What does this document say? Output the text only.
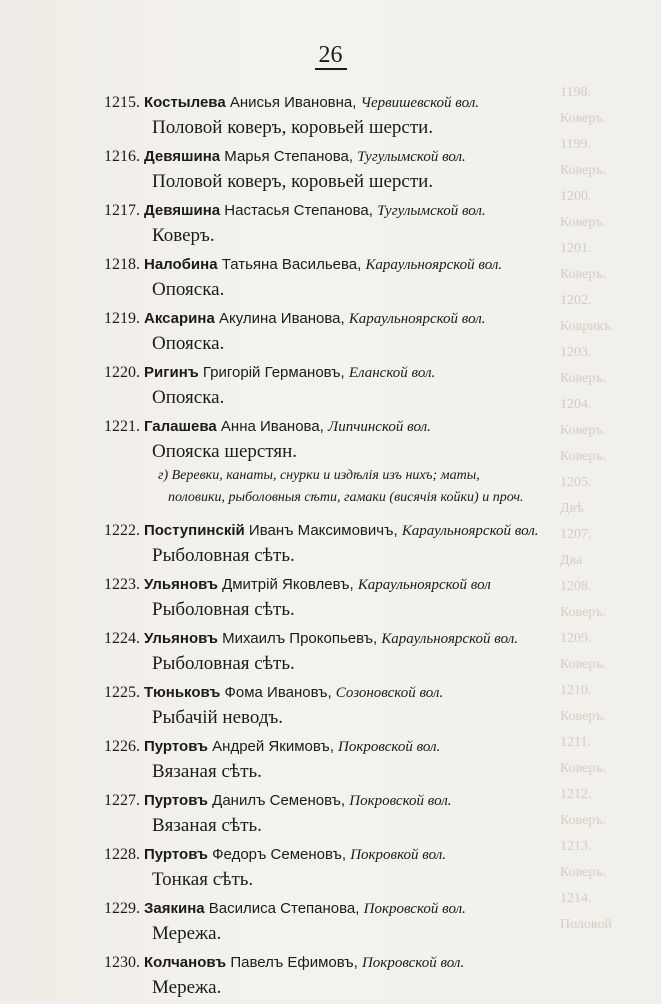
1198.
Коверъ.
1199.
Коверъ.
1200.
Коверъ.
1201.
Коверъ.
1202.
Коврикъ.
1203.
Коверъ.
1204.
Коверъ.
Коверъ.
1205.
Двѣ
1207.
Два
1208.
Коверъ.
1209.
Коверъ.
1210.
Коверъ.
1211.
Коверъ.
1212.
Коверъ.
1213.
Коверъ.
1214.
Половой
26
1215. Костылева Анисья Ивановна, Червишевской вол.
Половой коверъ, коровьей шерсти.
1216. Девяшина Марья Степанова, Тугулымской вол.
Половой коверъ, коровьей шерсти.
1217. Девяшина Настасья Степанова, Тугулымской вол.
Коверъ.
1218. Налобина Татьяна Васильева, Караульноярской вол.
Опояска.
1219. Аксарина Акулина Иванова, Караульноярской вол.
Опояска.
1220. Ригинъ Григорій Германовъ, Еланской вол.
Опояска.
1221. Галашева Анна Иванова, Липчинской вол.
Опояска шерстян.
г) Веревки, канаты, снурки и издѣлія изъ нихъ; маты,
половики, рыболовныя сѣти, гамаки (висячія койки) и проч.
1222. Поступинскій Иванъ Максимовичъ, Караульноярской вол.
Рыболовная сѣть.
1223. Ульяновъ Дмитрій Яковлевъ, Караульноярской вол
Рыболовная сѣть.
1224. Ульяновъ Михаилъ Прокопьевъ, Караульноярской вол.
Рыболовная сѣть.
1225. Тюньковъ Фома Ивановъ, Созоновской вол.
Рыбачій неводъ.
1226. Пуртовъ Андрей Якимовъ, Покровской вол.
Вязаная сѣть.
1227. Пуртовъ Данилъ Семеновъ, Покровской вол.
Вязаная сѣть.
1228. Пуртовъ Федоръ Семеновъ, Покровкой вол.
Тонкая сѣть.
1229. Заякина Василиса Степанова, Покровской вол.
Мережа.
1230. Колчановъ Павелъ Ефимовъ, Покровской вол.
Мережа.
